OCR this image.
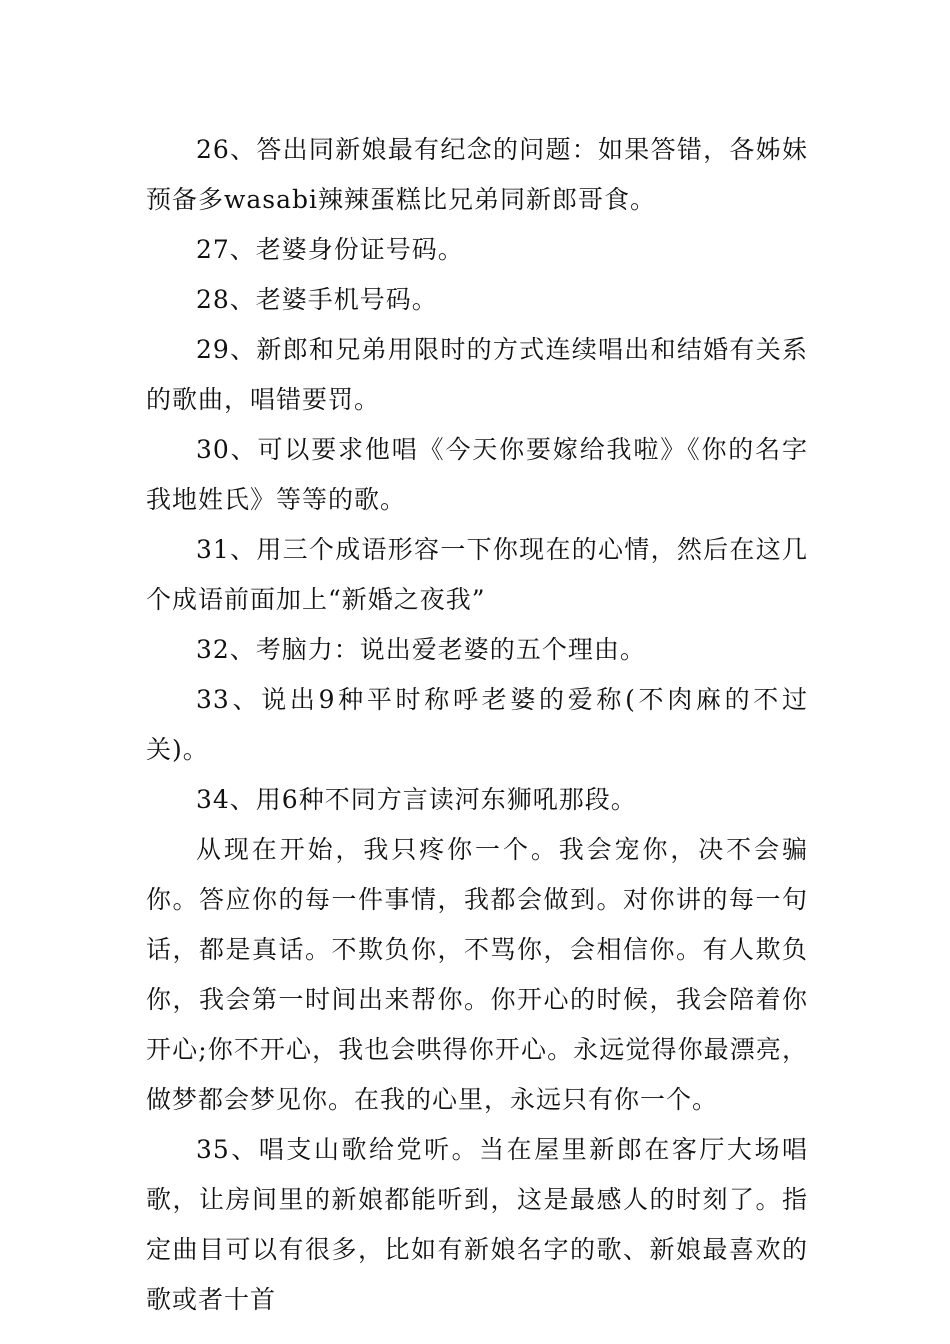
26、答出同新娘最有纪念的问题：如果答错，各姊妹预备多wasabi辣辣蛋糕比兄弟同新郎哥食。

27、老婆身份证号码。

28、老婆手机号码。

29、新郎和兄弟用限时的方式连续唱出和结婚有关系的歌曲，唱错要罚。

30、可以要求他唱《今天你要嫁给我啦》《你的名字我地姓氏》等等的歌。

31、用三个成语形容一下你现在的心情，然后在这几个成语前面加上“新婚之夜我”

32、考脑力：说出爱老婆的五个理由。

33、说出9种平时称呼老婆的爱称(不肉麻的不过关)。

34、用6种不同方言读河东狮吼那段。

从现在开始，我只疼你一个。我会宠你，决不会骗你。答应你的每一件事情，我都会做到。对你讲的每一句话，都是真话。不欺负你，不骂你，会相信你。有人欺负你，我会第一时间出来帮你。你开心的时候，我会陪着你开心;你不开心，我也会哄得你开心。永远觉得你最漂亮，做梦都会梦见你。在我的心里，永远只有你一个。

35、唱支山歌给党听。当在屋里新郎在客厅大场唱歌，让房间里的新娘都能听到，这是最感人的时刻了。指定曲目可以有很多，比如有新娘名字的歌、新娘最喜欢的歌或者十首
